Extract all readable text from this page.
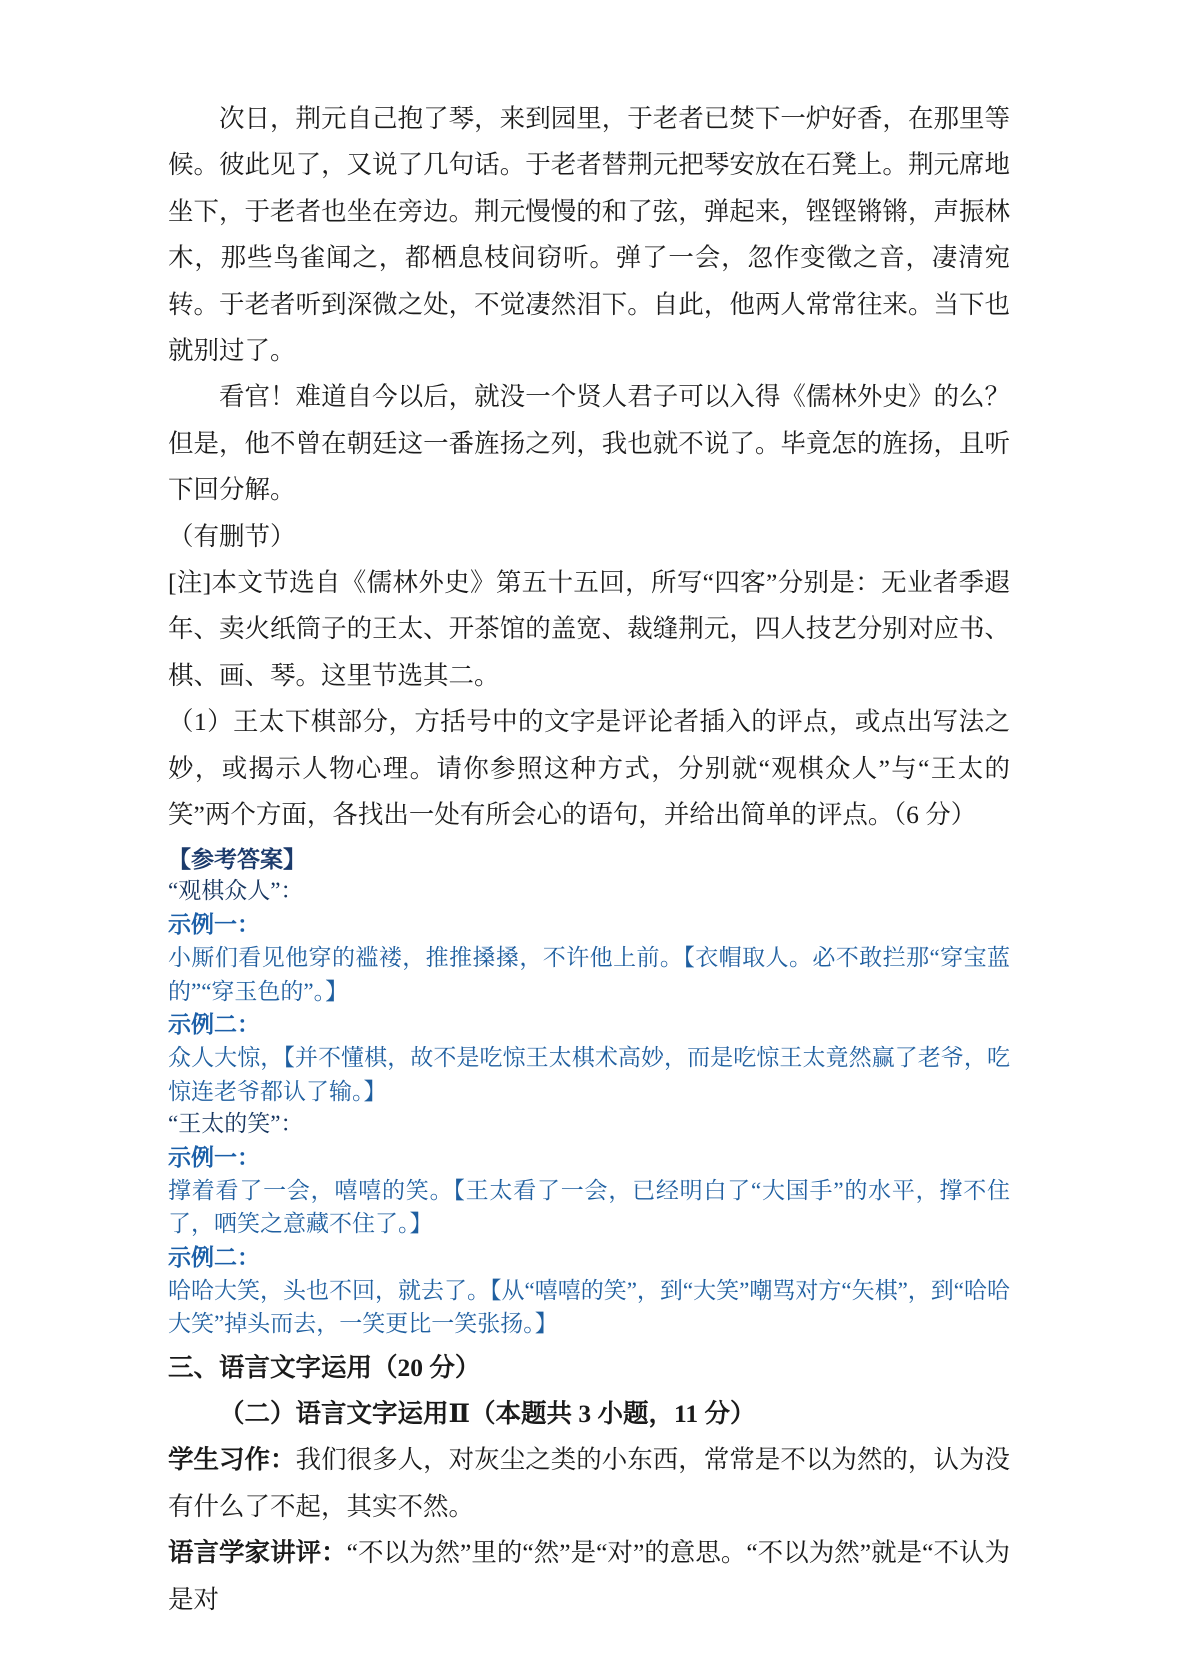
次日，荆元自己抱了琴，来到园里，于老者已焚下一炉好香，在那里等候。彼此见了，又说了几句话。于老者替荆元把琴安放在石凳上。荆元席地坐下，于老者也坐在旁边。荆元慢慢的和了弦，弹起来，铿铿锵锵，声振林木，那些鸟雀闻之，都栖息枝间窃听。弹了一会，忽作变徵之音，凄清宛转。于老者听到深微之处，不觉凄然泪下。自此，他两人常常往来。当下也就别过了。

看官！难道自今以后，就没一个贤人君子可以入得《儒林外史》的么？但是，他不曾在朝廷这一番旌扬之列，我也就不说了。毕竟怎的旌扬，且听下回分解。

（有删节）

[注]本文节选自《儒林外史》第五十五回，所写“四客”分别是：无业者季遐年、卖火纸筒子的王太、开茶馆的盖宽、裁缝荆元，四人技艺分别对应书、棋、画、琴。这里节选其二。

（1）王太下棋部分，方括号中的文字是评论者插入的评点，或点出写法之妙，或揭示人物心理。请你参照这种方式，分别就“观棋众人”与“王太的笑”两个方面，各找出一处有所会心的语句，并给出简单的评点。（6 分）

【参考答案】
“观棋众人”：
示例一：
小厮们看见他穿的褴褛，推推搡搡，不许他上前。【衣帽取人。必不敢拦那“穿宝蓝的”“穿玉色的”。】
示例二：
众人大惊，【并不懂棋，故不是吃惊王太棋术高妙，而是吃惊王太竟然赢了老爷，吃惊连老爷都认了输。】
“王太的笑”：
示例一：
撑着看了一会，嘻嘻的笑。【王太看了一会，已经明白了“大国手”的水平，撑不住了，哂笑之意藏不住了。】
示例二：
哈哈大笑，头也不回，就去了。【从“嘻嘻的笑”，到“大笑”嘲骂对方“矢棋”，到“哈哈大笑”掉头而去，一笑更比一笑张扬。】

三、语言文字运用（20 分）

（二）语言文字运用Ⅱ（本题共 3 小题，11 分）

学生习作：我们很多人，对灰尘之类的小东西，常常是不以为然的，认为没有什么了不起，其实不然。

语言学家讲评：“不以为然”里的“然”是“对”的意思。“不以为然”就是“不认为是对
